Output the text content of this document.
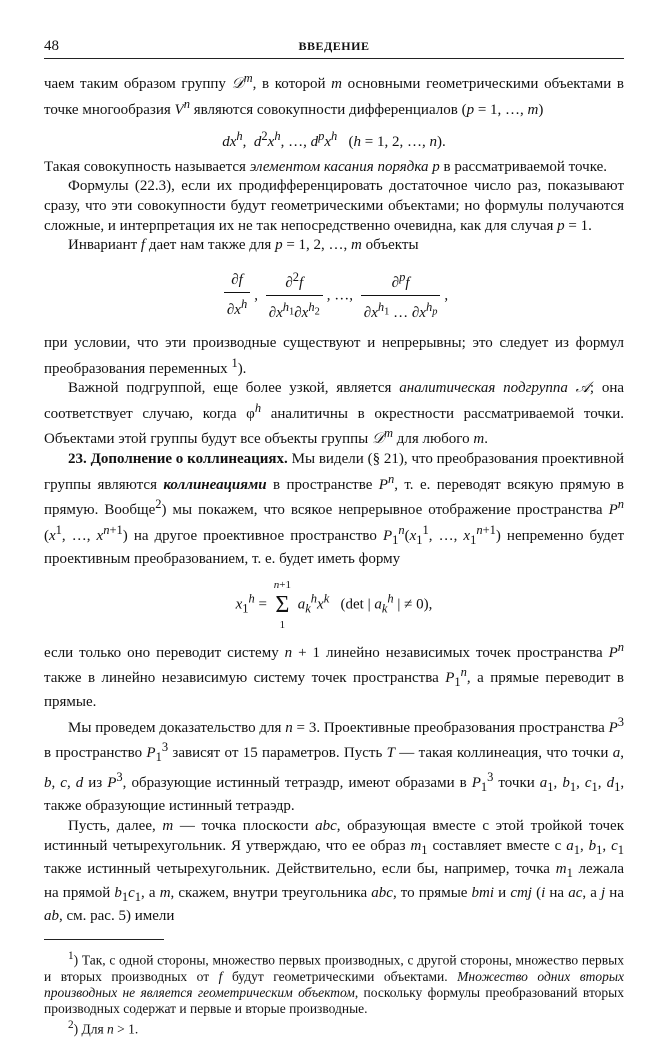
48	ВВЕДЕНИЕ

чаем таким образом группу 𝒟$^m$, в которой m основными геометрическими объектами в точке многообразия $V^n$ являются совокупности дифференциалов (p = 1, …, m)

$dx^h$,  $d^2x^h$, …, $d^px^h$   (h = 1, 2, …, n).

Такая совокупность называется элементом касания порядка p в рассматриваемой точке.

Формулы (22.3), если их продифференцировать достаточное число раз, показывают сразу, что эти совокупности будут геометрическими объектами; но формулы получаются сложные, и интерпретация их не так непосредственно очевидна, как для случая p = 1.

Инвариант f дает нам также для p = 1, 2, …, m объекты

$\frac{\partial f}{\partial x^h}$ , $\frac{\partial^2f}{\partial x^{h_1}\partial x^{h_2}}$ , …, $\frac{\partial^pf}{\partial x^{h_1} \dots \partial x^{h_p}}$ ,

при условии, что эти производные существуют и непрерывны; это следует из формул преобразования переменных $^1$).

Важной подгруппой, еще более узкой, является аналитическая подгруппа 𝒜; она соответствует случаю, когда $\varphi^h$ аналитичны в окрестности рассматриваемой точки. Объектами этой группы будут все объекты группы 𝒟$^m$ для любого m.

23. Дополнение о коллинеациях. Мы видели (§ 21), что преобразования проективной группы являются коллинеациями в пространстве $P^n$, т. е. переводят всякую прямую в прямую. Вообще$^2$) мы покажем, что всякое непрерывное отображение пространства $P^n$ ($x^1$, …, $x^{n+1}$) на другое проективное пространство $P_1^n(x_1^1$, …, $x_1^{n+1}$) непременно будет проективным преобразованием, т. е. будет иметь форму

$x_1^h$ =
n+1
Σ
1
$a_k^hx^k$   (det | $a_k^h$ | ≠ 0),

если только оно переводит систему n + 1 линейно независимых точек пространства $P^n$ также в линейно независимую систему точек пространства $P_1^n$, а прямые переводит в прямые.

Мы проведем доказательство для n = 3. Проективные преобразования пространства $P^3$ в пространство $P_1^3$ зависят от 15 параметров. Пусть T — такая коллинеация, что точки a, b, c, d из $P^3$, образующие истинный тетраэдр, имеют образами в $P_1^3$ точки $a_1$, $b_1$, $c_1$, $d_1$, также образующие истинный тетраэдр.

Пусть, далее, m — точка плоскости abc, образующая вместе с этой тройкой точек истинный четырехугольник. Я утверждаю, что ее образ $m_1$ составляет вместе с $a_1$, $b_1$, $c_1$ также истинный четырехугольник. Действительно, если бы, например, точка $m_1$ лежала на прямой $b_1c_1$, а m, скажем, внутри треугольника abc, то прямые bmi и cmj (i на ac, а j на ab, см. рас. 5) имели

$^1$) Так, с одной стороны, множество первых производных, с другой стороны, множество первых и вторых производных от f будут геометрическими объектами. Множество одних вторых производных не является геометрическим объектом, поскольку формулы преобразований вторых производных содержат и первые и вторые производные.

$^2$) Для n > 1.
